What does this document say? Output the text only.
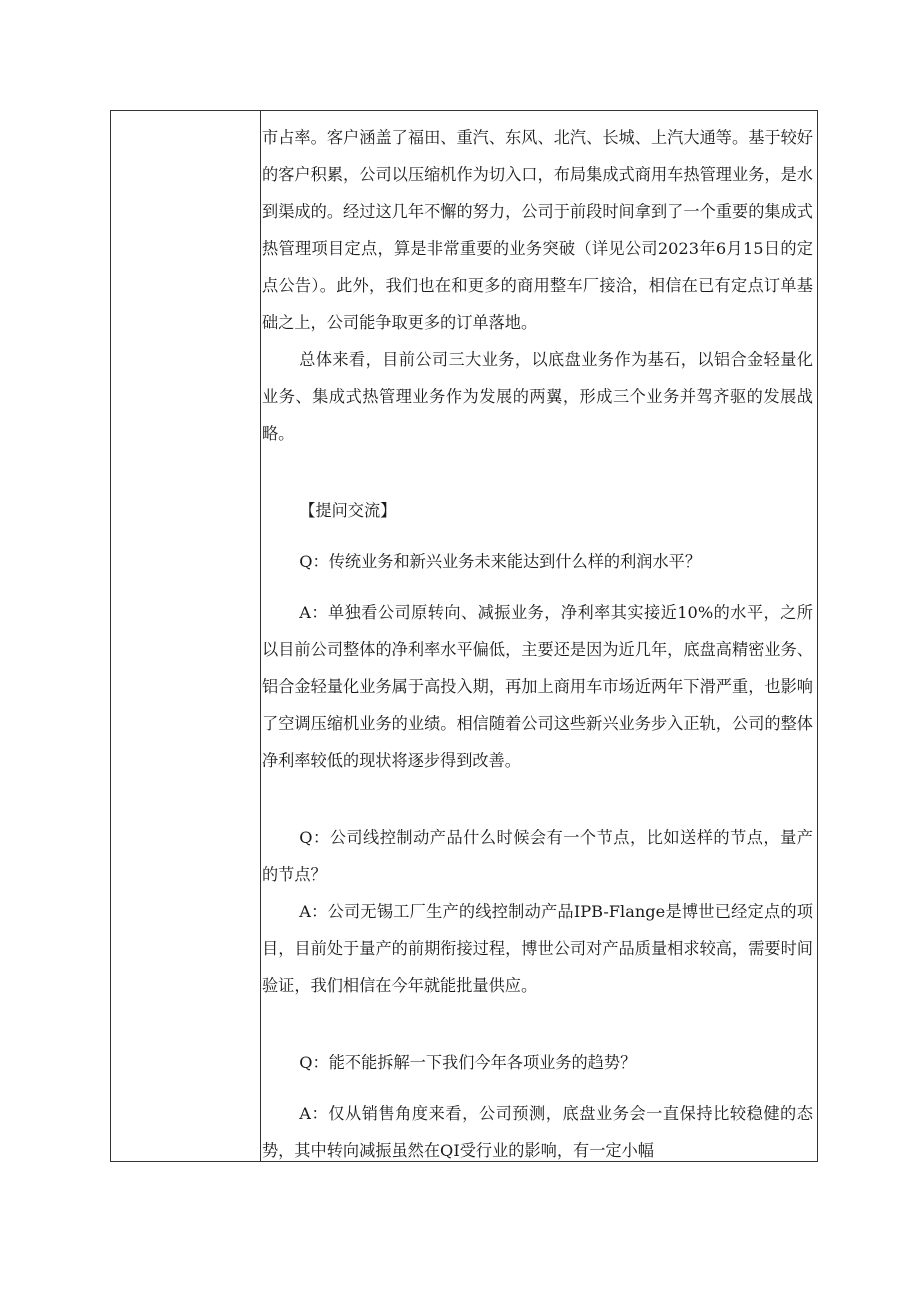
市占率。客户涵盖了福田、重汽、东风、北汽、长城、上汽大通等。基于较好的客户积累，公司以压缩机作为切入口，布局集成式商用车热管理业务，是水到渠成的。经过这几年不懈的努力，公司于前段时间拿到了一个重要的集成式热管理项目定点，算是非常重要的业务突破（详见公司2023年6月15日的定点公告）。此外，我们也在和更多的商用整车厂接洽，相信在已有定点订单基础之上，公司能争取更多的订单落地。

总体来看，目前公司三大业务，以底盘业务作为基石，以铝合金轻量化业务、集成式热管理业务作为发展的两翼，形成三个业务并驾齐驱的发展战略。

【提问交流】

Q：传统业务和新兴业务未来能达到什么样的利润水平？

A：单独看公司原转向、减振业务，净利率其实接近10%的水平，之所以目前公司整体的净利率水平偏低，主要还是因为近几年，底盘高精密业务、铝合金轻量化业务属于高投入期，再加上商用车市场近两年下滑严重，也影响了空调压缩机业务的业绩。相信随着公司这些新兴业务步入正轨，公司的整体净利率较低的现状将逐步得到改善。

Q：公司线控制动产品什么时候会有一个节点，比如送样的节点，量产的节点？

A：公司无锡工厂生产的线控制动产品IPB-Flange是博世已经定点的项目，目前处于量产的前期衔接过程，博世公司对产品质量相求较高，需要时间验证，我们相信在今年就能批量供应。

Q：能不能拆解一下我们今年各项业务的趋势？

A：仅从销售角度来看，公司预测，底盘业务会一直保持比较稳健的态势，其中转向减振虽然在QI受行业的影响，有一定小幅
